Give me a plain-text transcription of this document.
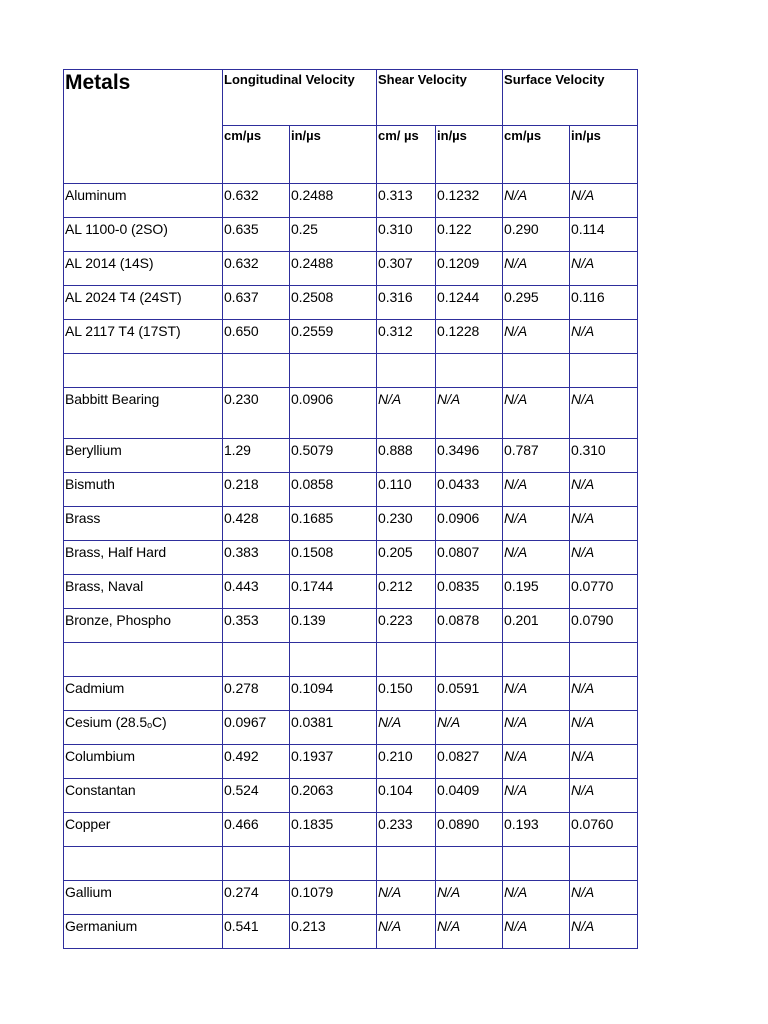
Metals	Longitudinal Velocity		Shear Velocity		Surface Velocity	
	cm/µs	in/µs	cm/ µs	in/µs	cm/µs	in/µs
Aluminum	0.632	0.2488	0.313	0.1232	N/A	N/A
AL 1100-0 (2SO)	0.635	0.25	0.310	0.122	0.290	0.114
AL 2014 (14S)	0.632	0.2488	0.307	0.1209	N/A	N/A
AL 2024 T4 (24ST)	0.637	0.2508	0.316	0.1244	0.295	0.116
AL 2117 T4 (17ST)	0.650	0.2559	0.312	0.1228	N/A	N/A

Babbitt Bearing	0.230	0.0906	N/A	N/A	N/A	N/A
Beryllium	1.29	0.5079	0.888	0.3496	0.787	0.310
Bismuth	0.218	0.0858	0.110	0.0433	N/A	N/A
Brass	0.428	0.1685	0.230	0.0906	N/A	N/A
Brass, Half Hard	0.383	0.1508	0.205	0.0807	N/A	N/A
Brass, Naval	0.443	0.1744	0.212	0.0835	0.195	0.0770
Bronze, Phospho	0.353	0.139	0.223	0.0878	0.201	0.0790

Cadmium	0.278	0.1094	0.150	0.0591	N/A	N/A
Cesium $(28.5_oC)$	0.0967	0.0381	N/A	N/A	N/A	N/A
Columbium	0.492	0.1937	0.210	0.0827	N/A	N/A
Constantan	0.524	0.2063	0.104	0.0409	N/A	N/A
Copper	0.466	0.1835	0.233	0.0890	0.193	0.0760

Gallium	0.274	0.1079	N/A	N/A	N/A	N/A
Germanium	0.541	0.213	N/A	N/A	N/A	N/A
